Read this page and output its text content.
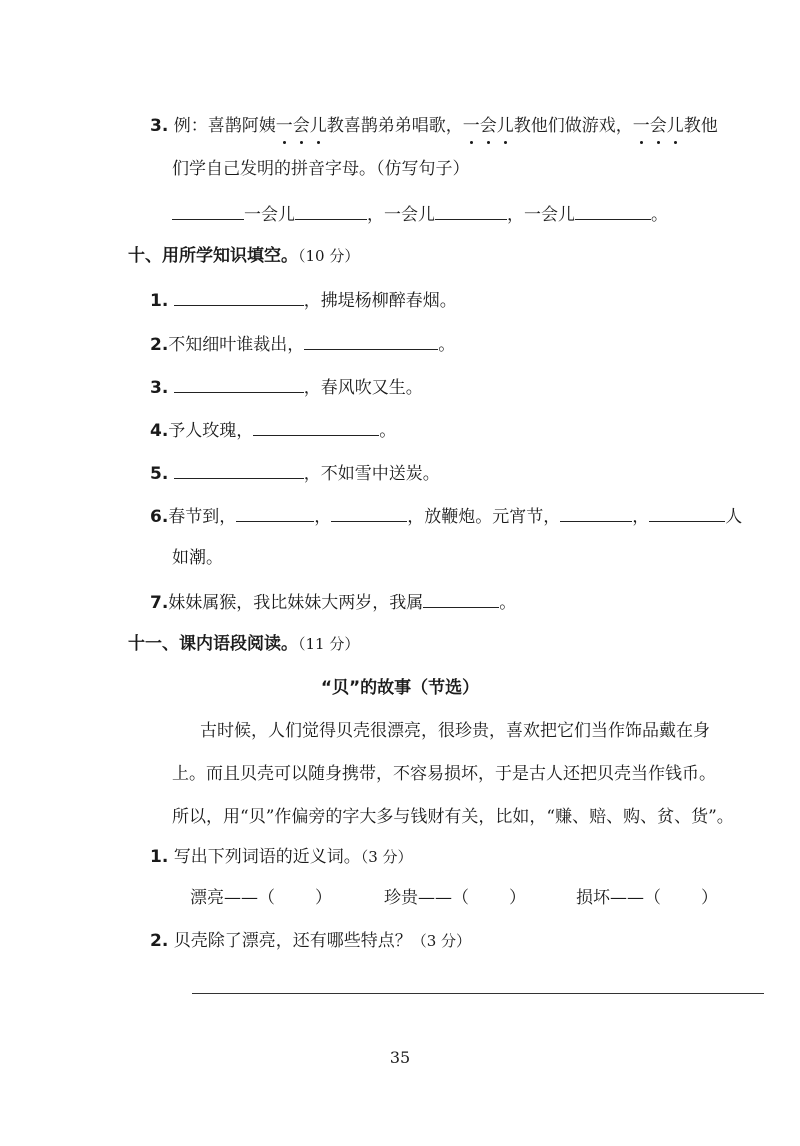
3. 例：喜鹊阿姨一会儿教喜鹊弟弟唱歌，一会儿教他们做游戏，一会儿教他
们学自己发明的拼音字母。（仿写句子）
一会儿	，一会儿	，一会儿	。
十、用所学知识填空。（10 分）
1.	，拂堤杨柳醉春烟。
2.不知细叶谁裁出，	。
3.	，春风吹又生。
4.予人玫瑰，	。
5.	，不如雪中送炭。
6.春节到，	，	，放鞭炮。元宵节，	，	人
如潮。
7.妹妹属猴，我比妹妹大两岁，我属	。
十一、课内语段阅读。（11 分）
“贝”的故事（节选）
古时候，人们觉得贝壳很漂亮，很珍贵，喜欢把它们当作饰品戴在身
上。而且贝壳可以随身携带，不容易损坏，于是古人还把贝壳当作钱币。
所以，用“贝”作偏旁的字大多与钱财有关，比如，“赚、赔、购、贫、货”。
1. 写出下列词语的近义词。（3 分）
漂亮——（ ）	珍贵——（ ）	损坏——（ ）
2. 贝壳除了漂亮，还有哪些特点？（3 分）
35
